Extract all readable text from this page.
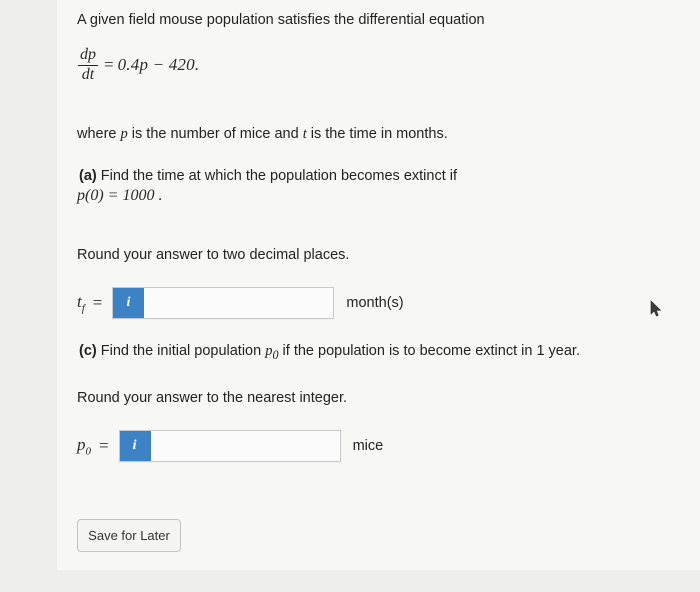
A given field mouse population satisfies the differential equation
$\frac{dp}{dt} = 0.4p - 420$.
where p is the number of mice and t is the time in months.
(a) Find the time at which the population becomes extinct if
p(0) = 1000 .
Round your answer to two decimal places.
$t_f$ =	i	month(s)
(c) Find the initial population $p_0$ if the population is to become extinct in 1 year.
Round your answer to the nearest integer.
$p_0$ =	i	mice
Save for Later
